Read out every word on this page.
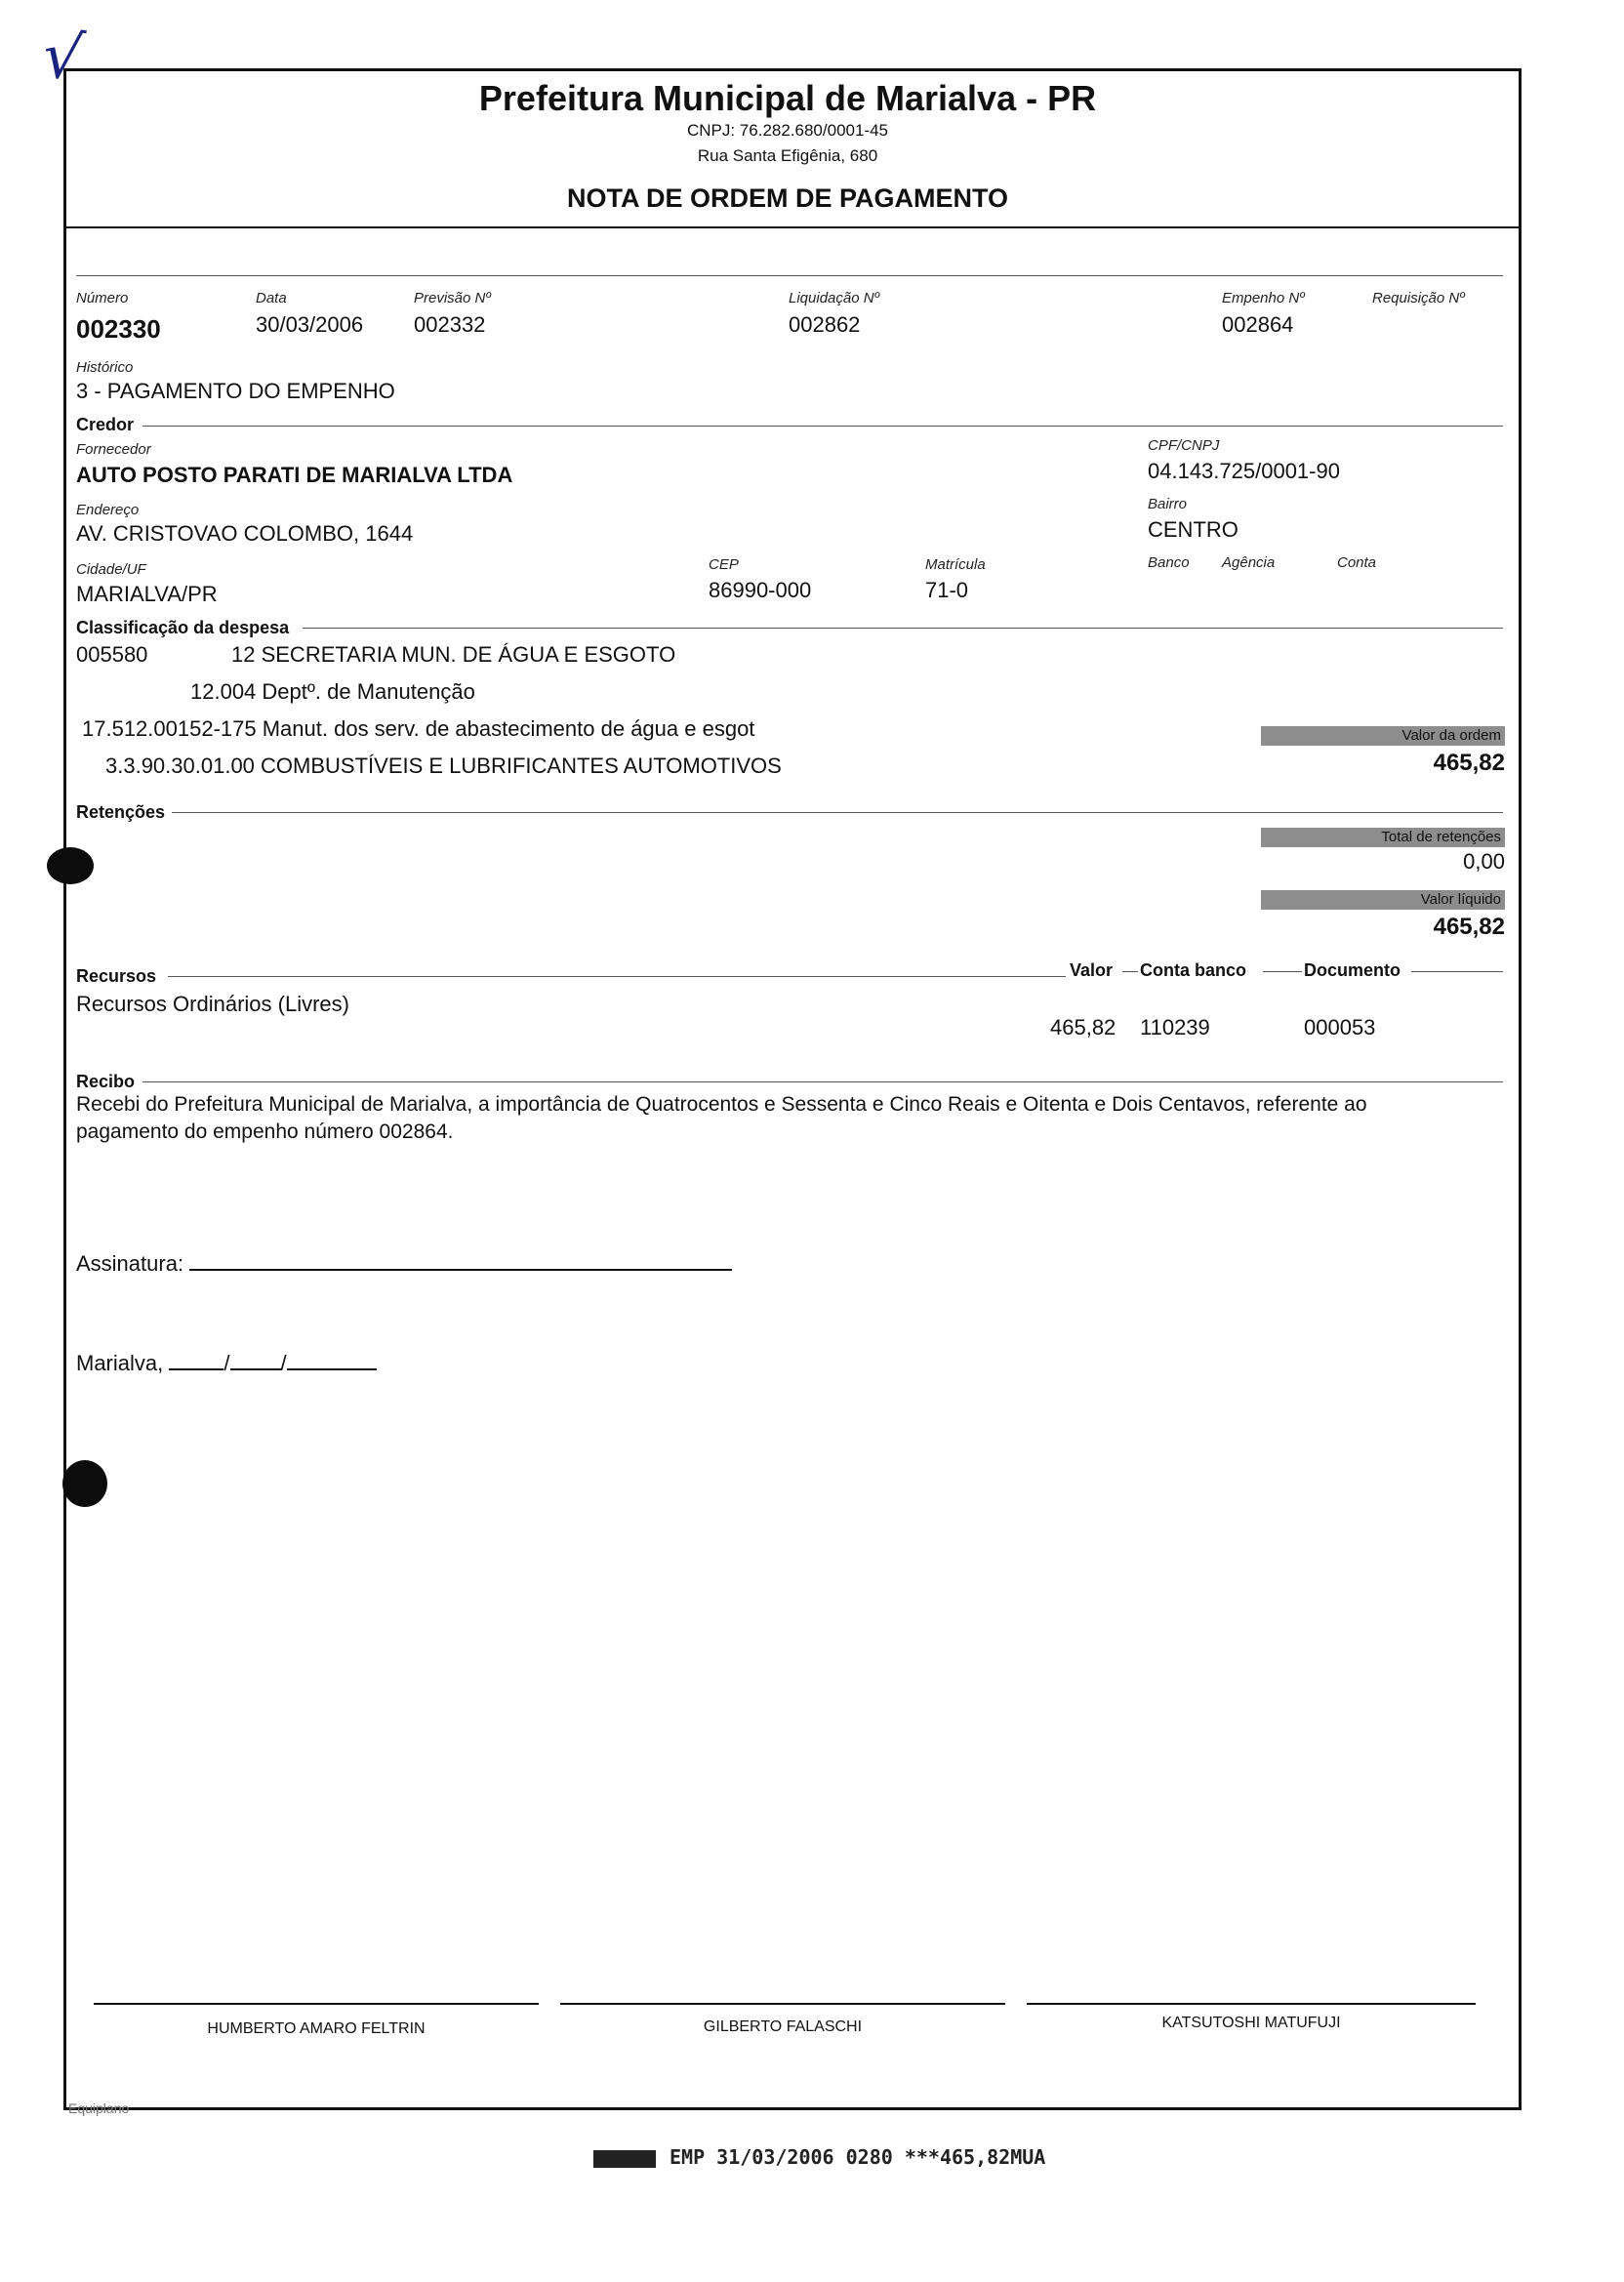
√
Prefeitura Municipal de Marialva - PR
CNPJ: 76.282.680/0001-45
Rua Santa Efigênia, 680
NOTA DE ORDEM DE PAGAMENTO
Número
002330
Data
30/03/2006
Previsão Nº
002332
Liquidação Nº
002862
Empenho Nº
002864
Requisição Nº
Histórico
3 - PAGAMENTO DO EMPENHO
Credor
Fornecedor
AUTO POSTO PARATI DE MARIALVA LTDA
CPF/CNPJ
04.143.725/0001-90
Endereço
AV. CRISTOVAO COLOMBO, 1644
Bairro
CENTRO
Cidade/UF
MARIALVA/PR
CEP
86990-000
Matrícula
71-0
Banco Agência	Conta
Classificação da despesa
005580	12 SECRETARIA MUN. DE ÁGUA E ESGOTO
12.004 Deptº. de Manutenção
17.512.00152-175 Manut. dos serv. de abastecimento de água e esgot
3.3.90.30.01.00 COMBUSTÍVEIS E LUBRIFICANTES AUTOMOTIVOS
Valor da ordem
465,82
Retenções
Total de retenções
0,00
Valor líquido
465,82
Recursos	Valor Conta banco	Documento
Recursos Ordinários (Livres)
465,82 110239	000053
Recibo
Recebi do Prefeitura Municipal de Marialva, a importância de Quatrocentos e Sessenta e Cinco Reais e Oitenta e Dois Centavos, referente ao
pagamento do empenho número 002864.
Assinatura:
Marialva,	/ /
HUMBERTO AMARO FELTRIN	GILBERTO FALASCHI	KATSUTOSHI MATUFUJI
Equiplano
EMP 31/03/2006 0280 ***465,82MUA
